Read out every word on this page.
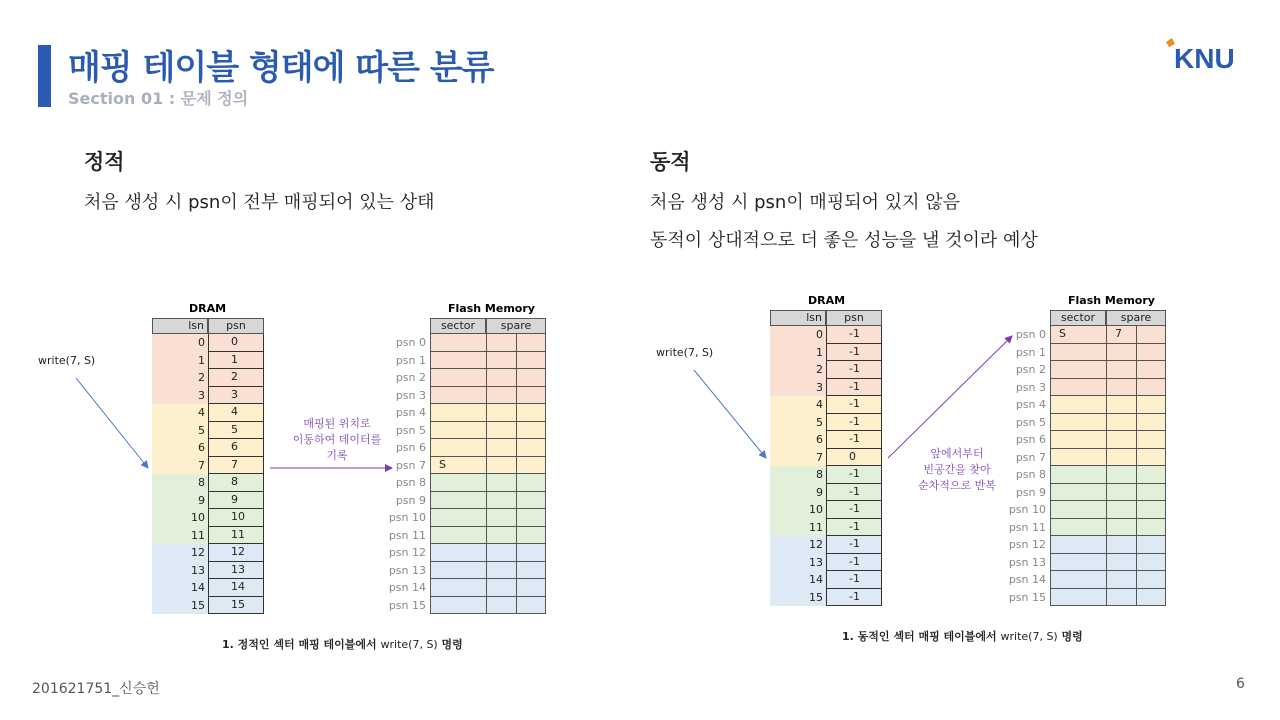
매핑 테이블 형태에 따른 분류
Section 01 : 문제 정의
KNU
정적
처음 생성 시 psn이 전부 매핑되어 있는 상태
동적
처음 생성 시 psn이 매핑되어 있지 않음
동적이 상대적으로 더 좋은 성능을 낼 것이라 예상
DRAM	Flash Memory
lsn	psn	sector	spare
write(7, S)
매핑된 위치로
이동하여 데이터를
기록
1. 정적인 섹터 매핑 테이블에서 write(7, S) 명령
0	0	psn 0
1	1	psn 1
2	2	psn 2
3	3	psn 3
4	4	psn 4
5	5	psn 5
6	6	psn 6
7	7	psn 7	S
8	8	psn 8
9	9	psn 9
10	10	psn 10
11	11	psn 11
12	12	psn 12
13	13	psn 13
14	14	psn 14
15	15	psn 15
DRAM	Flash Memory
lsn	psn	sector	spare
write(7, S)
앞에서부터
빈공간을 찾아
순차적으로 반복
1. 동적인 섹터 매핑 테이블에서 write(7, S) 명령
0	-1	psn 0	S	7
1	-1	psn 1
2	-1	psn 2
3	-1	psn 3
4	-1	psn 4
5	-1	psn 5
6	-1	psn 6
7	0	psn 7
8	-1	psn 8
9	-1	psn 9
10	-1	psn 10
11	-1	psn 11
12	-1	psn 12
13	-1	psn 13
14	-1	psn 14
15	-1	psn 15
201621751_신승헌	6
